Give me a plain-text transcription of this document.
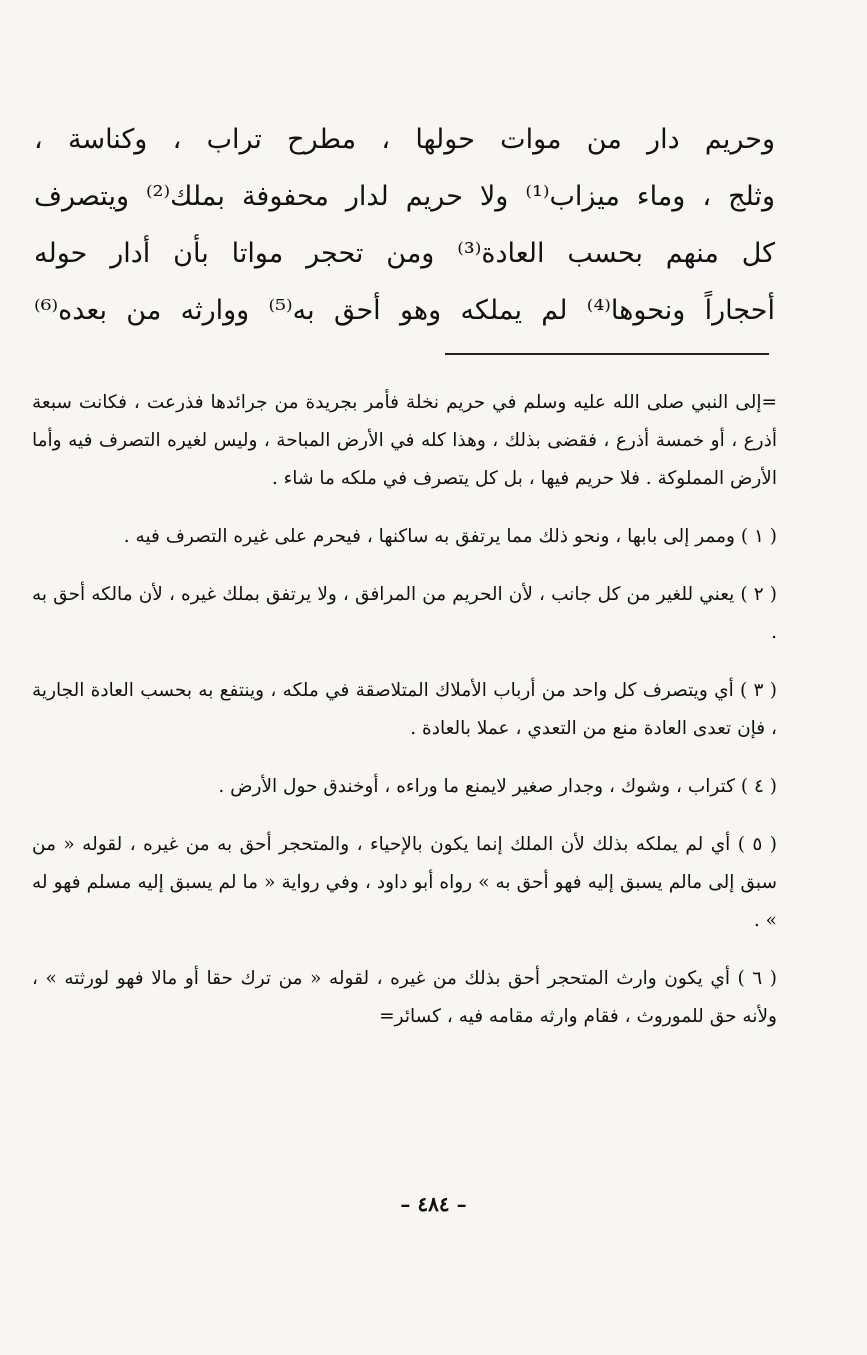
وحريم دار من موات حولها ، مطرح تراب ، وكناسة ،
وثلج ، وماء ميزاب⁽¹⁾ ولا حريم لدار محفوفة بملك⁽²⁾ ويتصرف
كل منهم بحسب العادة⁽³⁾ ومن تحجر مواتا بأن أدار حوله
أحجاراً ونحوها⁽⁴⁾ لم يملكه وهو أحق به⁽⁵⁾ ووارثه من بعده⁽⁶⁾

=إلى النبي صلى الله عليه وسلم في حريم نخلة فأمر بجريدة من جرائدها فذرعت ، فكانت سبعة أذرع ، أو خمسة أذرع ، فقضى بذلك ، وهذا كله في الأرض المباحة ، وليس لغيره التصرف فيه وأما الأرض المملوكة . فلا حريم فيها ، بل كل يتصرف في ملكه ما شاء .

( ١ ) وممر إلى بابها ، ونحو ذلك مما يرتفق به ساكنها ، فيحرم على غيره التصرف فيه .

( ٢ ) يعني للغير من كل جانب ، لأن الحريم من المرافق ، ولا يرتفق بملك غيره ، لأن مالكه أحق به .

( ٣ ) أي ويتصرف كل واحد من أرباب الأملاك المتلاصقة في ملكه ، وينتفع به بحسب العادة الجارية ، فإن تعدى العادة منع من التعدي ، عملا بالعادة .

( ٤ ) كتراب ، وشوك ، وجدار صغير لايمنع ما وراءه ، أوخندق حول الأرض .

( ٥ ) أي لم يملكه بذلك لأن الملك إنما يكون بالإحياء ، والمتحجر أحق به من غيره ، لقوله « من سبق إلى مالم يسبق إليه فهو أحق به » رواه أبو داود ، وفي رواية « ما لم يسبق إليه مسلم فهو له » .

( ٦ ) أي يكون وارث المتحجر أحق بذلك من غيره ، لقوله « من ترك حقا أو مالا فهو لورثته » ، ولأنه حق للموروث ، فقام وارثه مقامه فيه ، كسائر=

– ٤٨٤ –
